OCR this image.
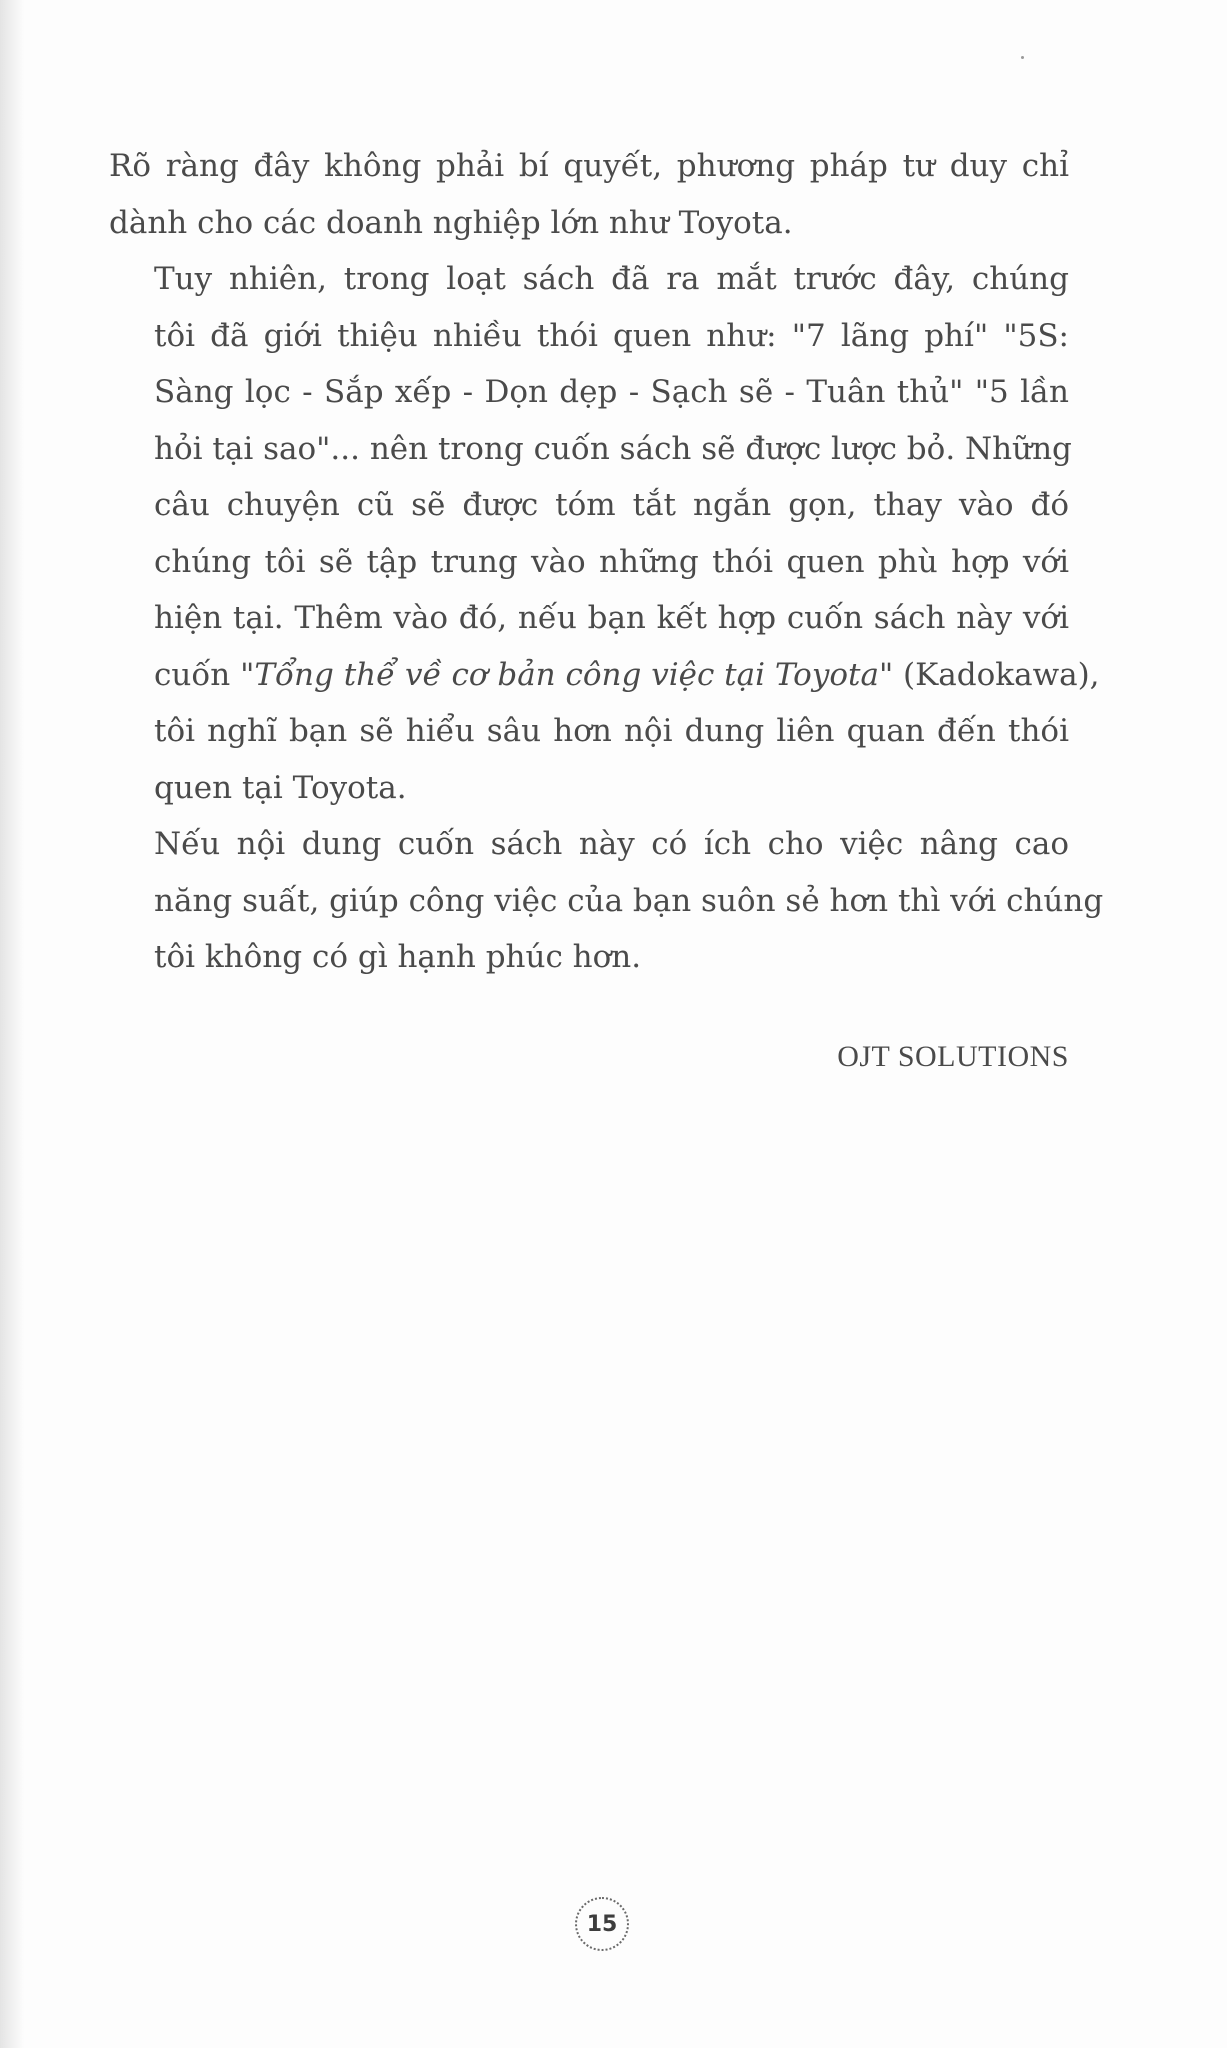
Rõ ràng đây không phải bí quyết, phương pháp tư duy chỉ
dành cho các doanh nghiệp lớn như Toyota.
Tuy nhiên, trong loạt sách đã ra mắt trước đây, chúng
tôi đã giới thiệu nhiều thói quen như: "7 lãng phí" "5S:
Sàng lọc - Sắp xếp - Dọn dẹp - Sạch sẽ - Tuân thủ" "5 lần
hỏi tại sao"... nên trong cuốn sách sẽ được lược bỏ. Những
câu chuyện cũ sẽ được tóm tắt ngắn gọn, thay vào đó
chúng tôi sẽ tập trung vào những thói quen phù hợp với
hiện tại. Thêm vào đó, nếu bạn kết hợp cuốn sách này với
cuốn "Tổng thể về cơ bản công việc tại Toyota" (Kadokawa),
tôi nghĩ bạn sẽ hiểu sâu hơn nội dung liên quan đến thói
quen tại Toyota.
Nếu nội dung cuốn sách này có ích cho việc nâng cao
năng suất, giúp công việc của bạn suôn sẻ hơn thì với chúng
tôi không có gì hạnh phúc hơn.
OJT SOLUTIONS
15
